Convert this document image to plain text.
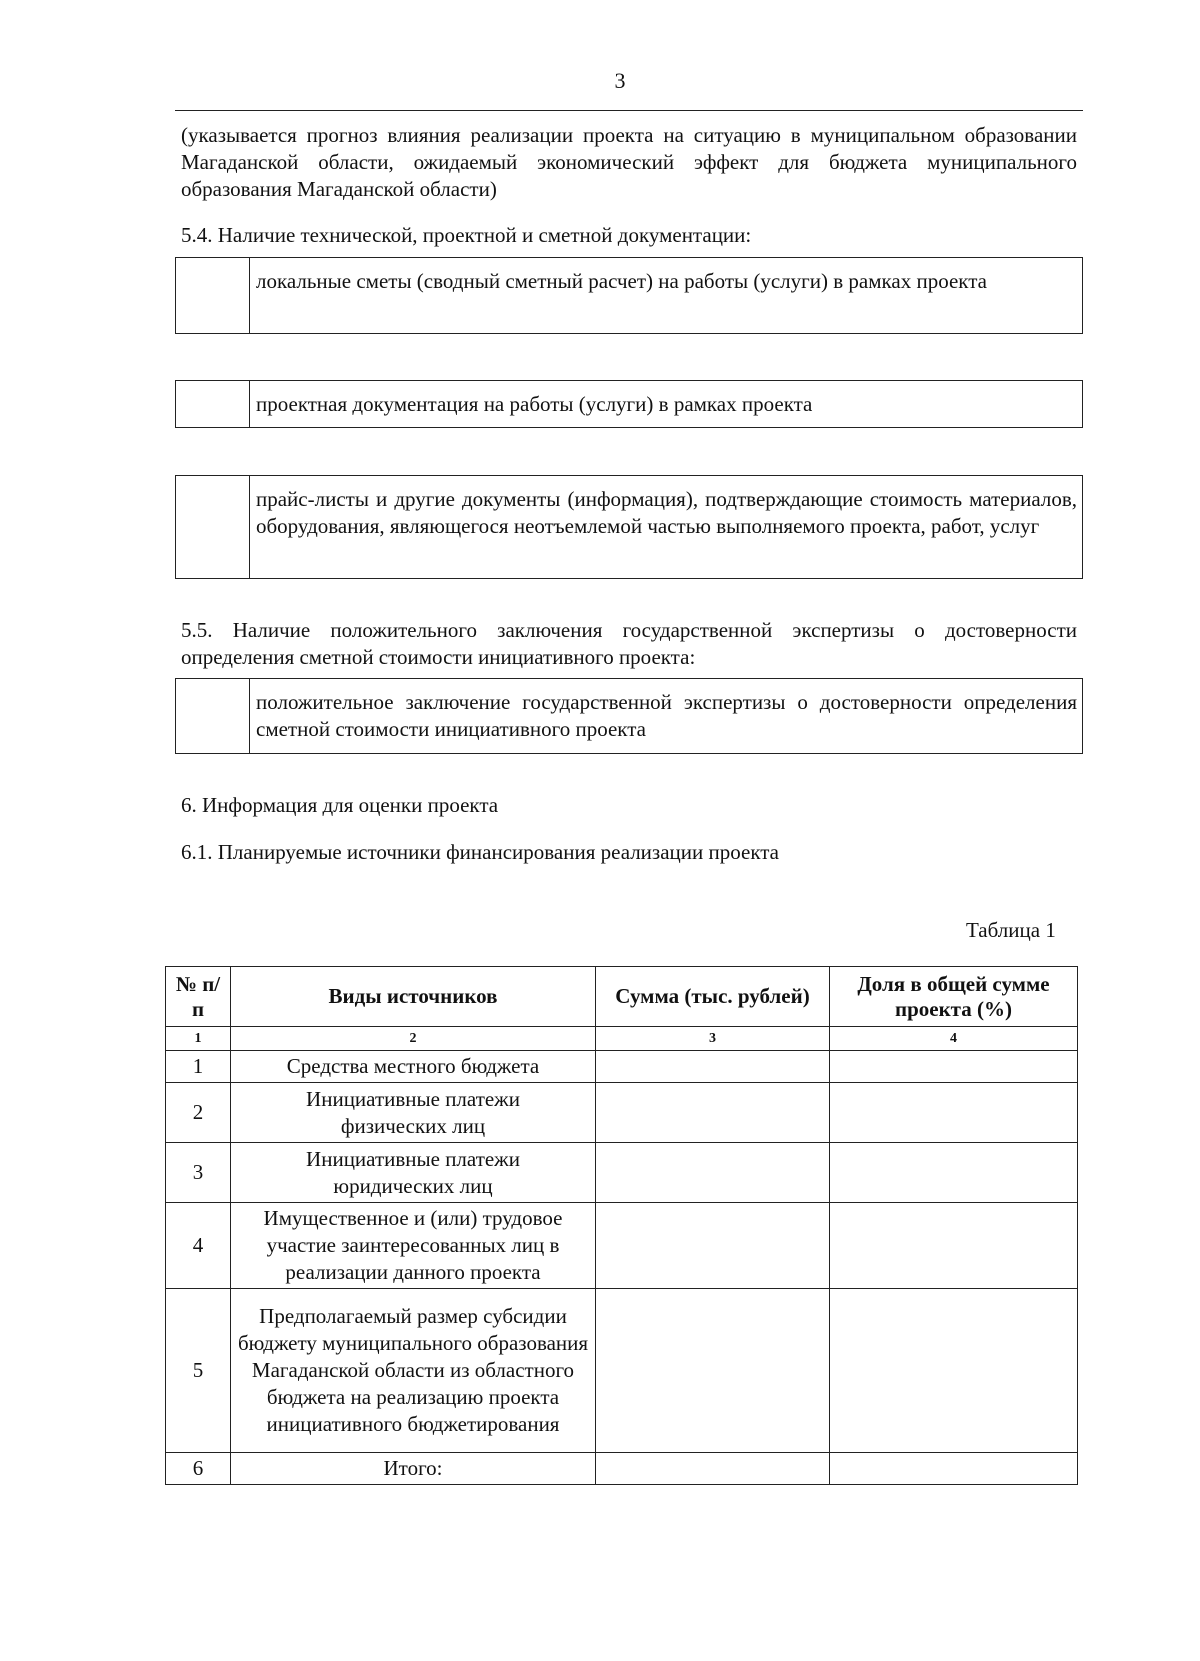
3
(указывается прогноз влияния реализации проекта на ситуацию в муниципальном образовании Магаданской области, ожидаемый экономический эффект для бюджета муниципального образования Магаданской области)
5.4. Наличие технической, проектной и сметной документации:
локальные сметы (сводный сметный расчет) на работы (услуги) в рамках проекта
проектная документация на работы (услуги) в рамках проекта
прайс-листы и другие документы (информация), подтверждающие стоимость материалов, оборудования, являющегося неотъемлемой частью выполняемого проекта, работ, услуг
5.5. Наличие положительного заключения государственной экспертизы о достоверности определения сметной стоимости инициативного проекта:
положительное заключение государственной экспертизы о достоверности определения сметной стоимости инициативного проекта
6. Информация для оценки проекта
6.1. Планируемые источники финансирования реализации проекта
Таблица 1
№ п/п	Виды источников	Сумма (тыс. рублей)	Доля в общей сумме проекта (%)
1	2	3	4
1	Средства местного бюджета		
2	Инициативные платежи физических лиц		
3	Инициативные платежи юридических лиц		
4	Имущественное и (или) трудовое участие заинтересованных лиц в реализации данного проекта		
5	Предполагаемый размер субсидии бюджету муниципального образования Магаданской области из областного бюджета на реализацию проекта инициативного бюджетирования		
6	Итого:		
